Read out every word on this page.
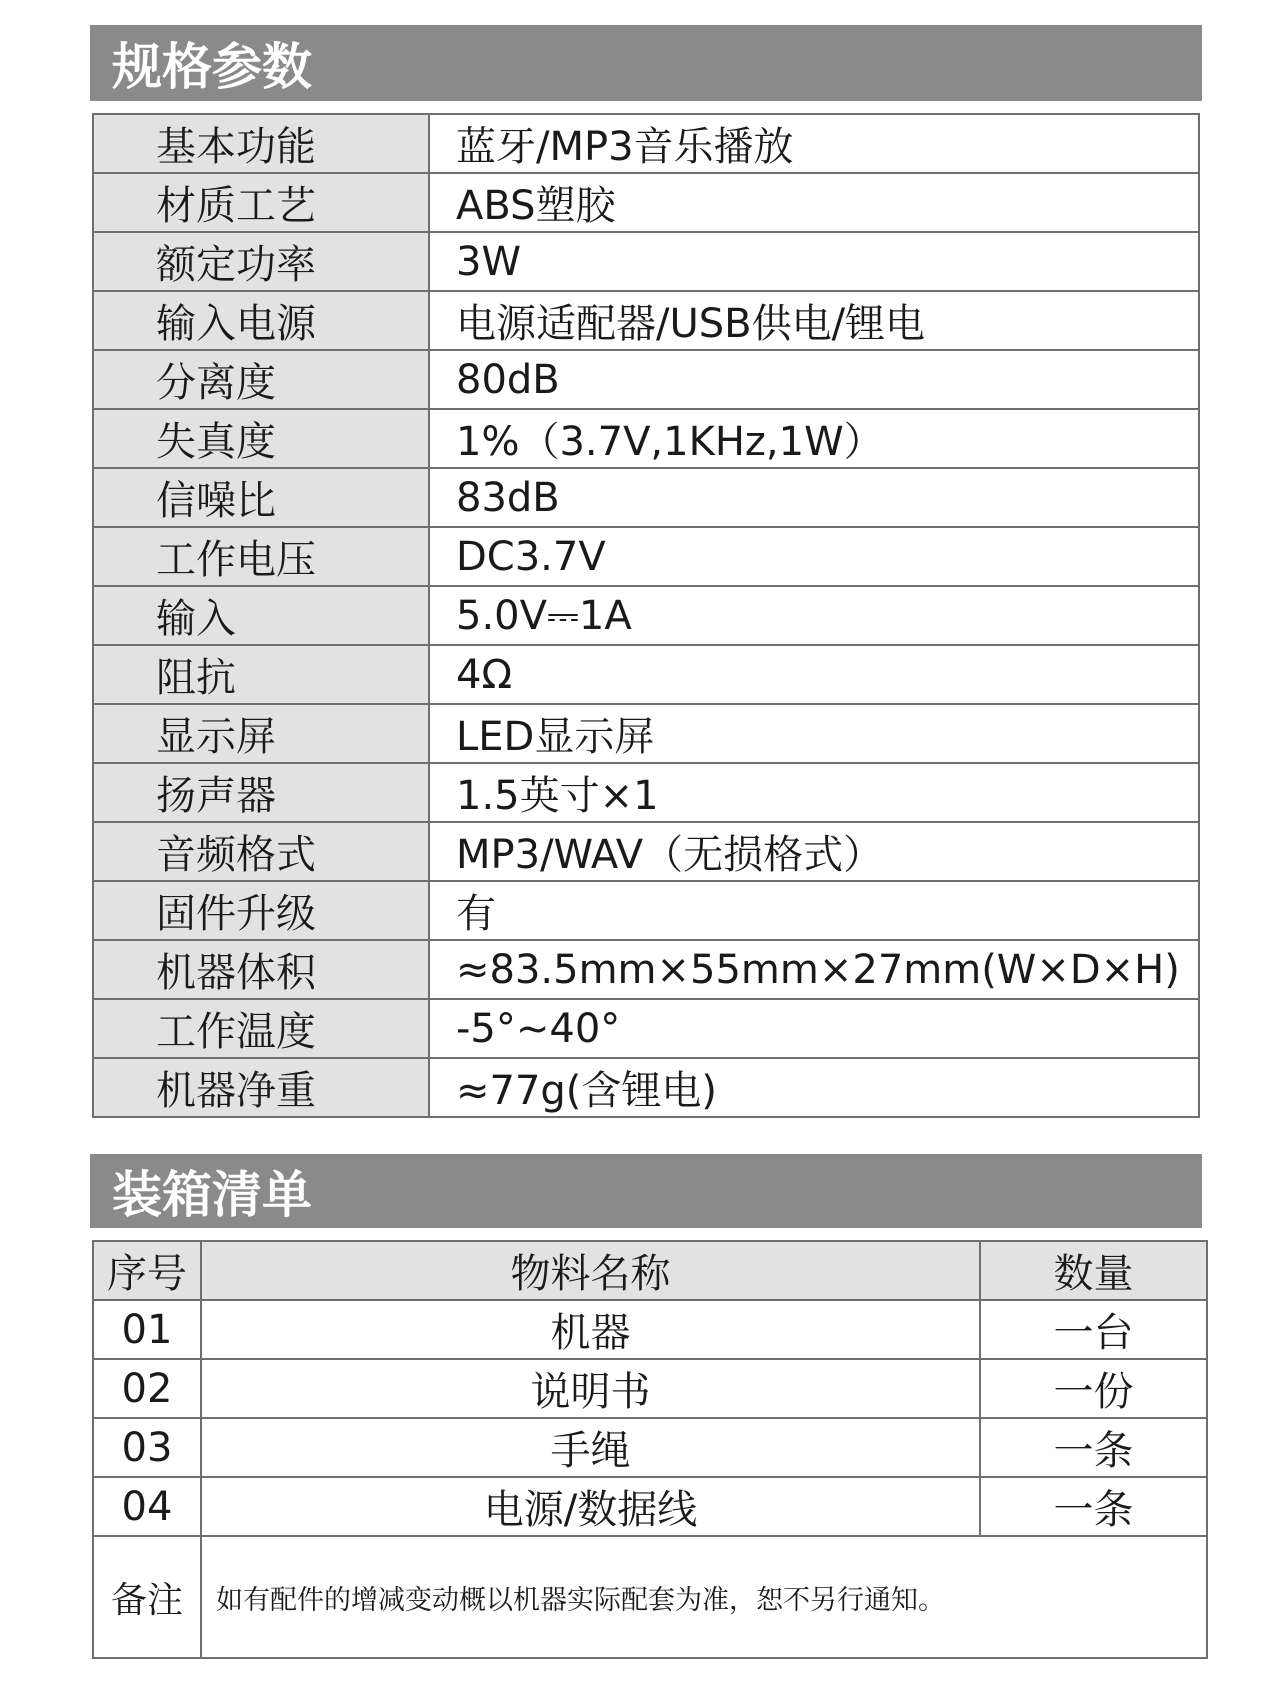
规格参数
基本功能	蓝牙/MP3音乐播放
材质工艺	ABS塑胶
额定功率	3W
输入电源	电源适配器/USB供电/锂电
分离度	80dB
失真度	1%（3.7V,1KHz,1W）
信噪比	83dB
工作电压	DC3.7V
输入	5.0V⎓1A
阻抗	4Ω
显示屏	LED显示屏
扬声器	1.5英寸×1
音频格式	MP3/WAV（无损格式）
固件升级	有
机器体积	≈83.5mm×55mm×27mm(W×D×H)
工作温度	-5°~40°
机器净重	≈77g(含锂电)
装箱清单
序号	物料名称	数量
01	机器	一台
02	说明书	一份
03	手绳	一条
04	电源/数据线	一条
备注	如有配件的增减变动概以机器实际配套为准，恕不另行通知。	
